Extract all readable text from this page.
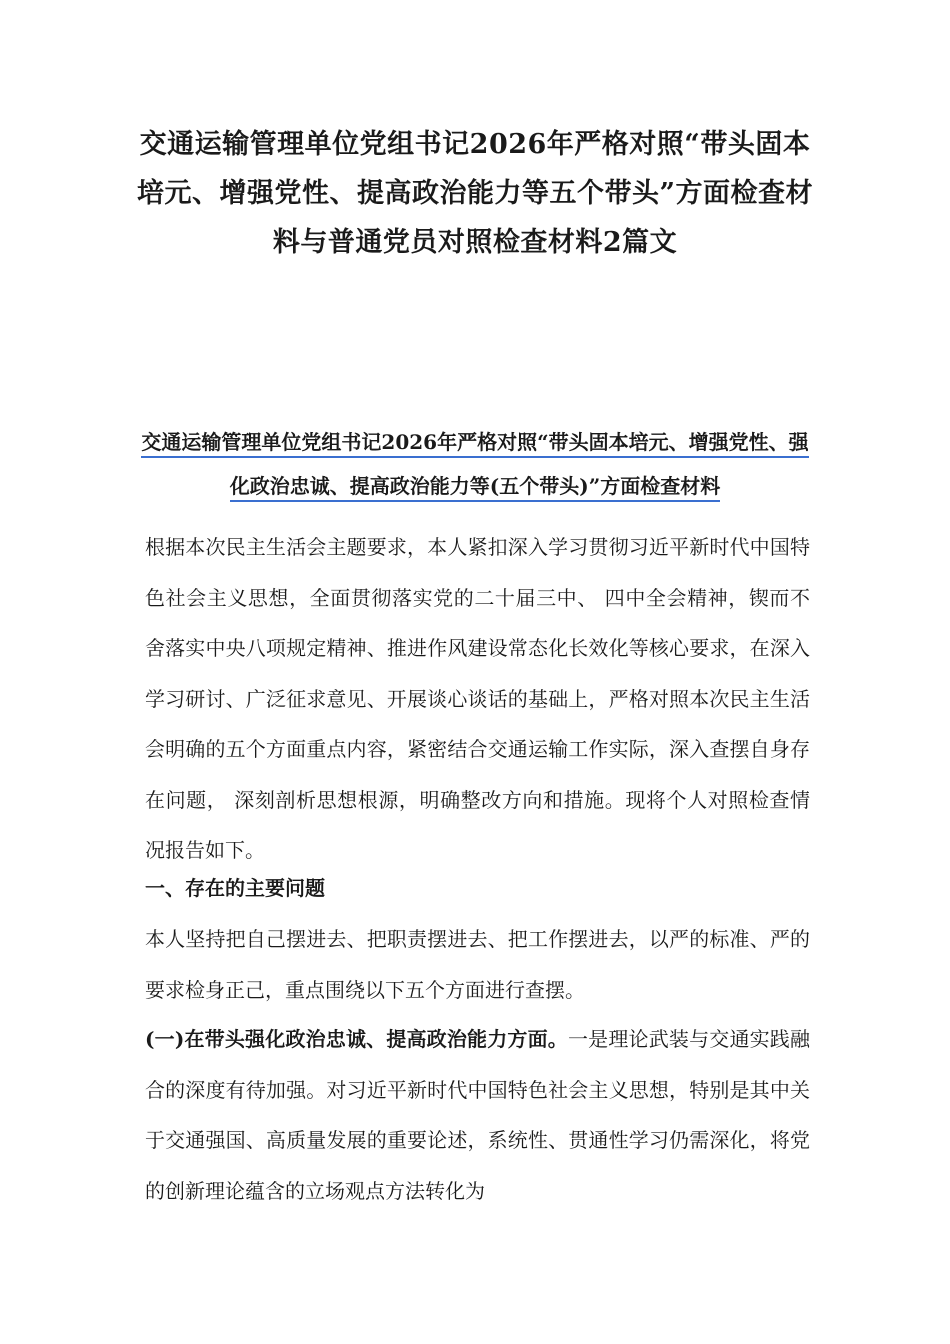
交通运输管理单位党组书记2026年严格对照“带头固本培元、增强党性、提高政治能力等五个带头”方面检查材料与普通党员对照检查材料2篇文
交通运输管理单位党组书记2026年严格对照“带头固本培元、增强党性、强化政治忠诚、提高政治能力等(五个带头)”方面检查材料

根据本次民主生活会主题要求，本人紧扣深入学习贯彻习近平新时代中国特色社会主义思想，全面贯彻落实党的二十届三中、 四中全会精神，锲而不舍落实中央八项规定精神、推进作风建设常态化长效化等核心要求，在深入学习研讨、广泛征求意见、开展谈心谈话的基础上，严格对照本次民主生活会明确的五个方面重点内容，紧密结合交通运输工作实际，深入查摆自身存在问题， 深刻剖析思想根源，明确整改方向和措施。现将个人对照检查情况报告如下。

一、存在的主要问题

本人坚持把自己摆进去、把职责摆进去、把工作摆进去，以严的标准、严的要求检身正己，重点围绕以下五个方面进行查摆。

(一)在带头强化政治忠诚、提高政治能力方面。一是理论武装与交通实践融合的深度有待加强。对习近平新时代中国特色社会主义思想，特别是其中关于交通强国、高质量发展的重要论述，系统性、贯通性学习仍需深化，将党的创新理论蕴含的立场观点方法转化为
